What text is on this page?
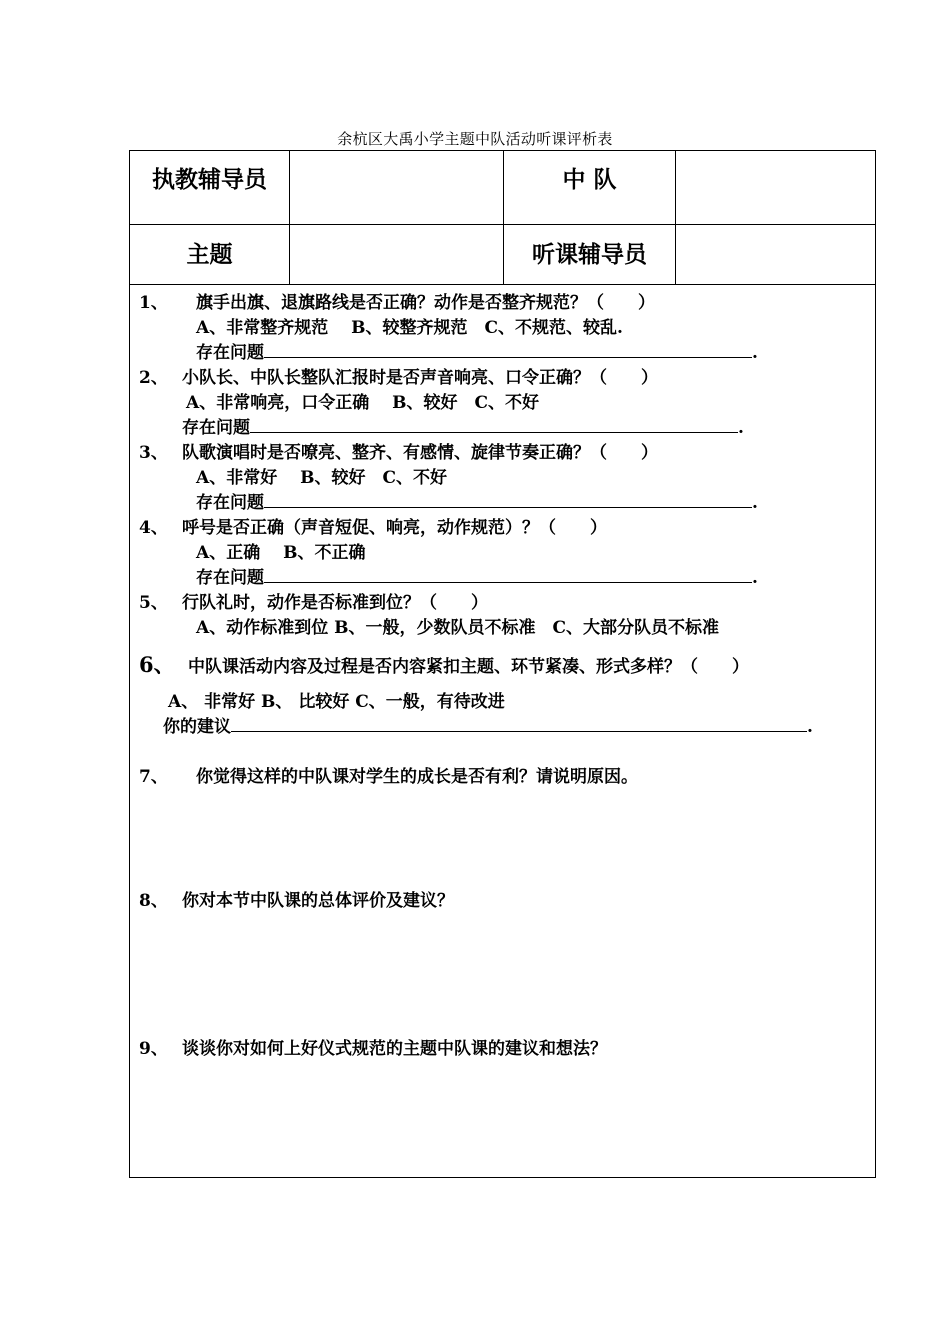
余杭区大禹小学主题中队活动听课评析表
执教辅导员	中 队
主题	听课辅导员
1、 旗手出旗、退旗路线是否正确？动作是否整齐规范？（　　）
A、非常整齐规范　 B、较整齐规范　C、不规范、较乱.
存在问题	.
2、 小队长、中队长整队汇报时是否声音响亮、口令正确？（　　）
A、非常响亮，口令正确　 B、较好　C、不好
存在问题	.
3、 队歌演唱时是否嘹亮、整齐、有感情、旋律节奏正确？（　　）
A、非常好　 B、较好　C、不好
存在问题	.
4、 呼号是否正确（声音短促、响亮，动作规范）？（　　）
A、正确　 B、不正确
存在问题	.
5、 行队礼时，动作是否标准到位？（　　）
A、动作标准到位 B、一般，少数队员不标准　C、大部分队员不标准
6、 中队课活动内容及过程是否内容紧扣主题、环节紧凑、形式多样？（　　）
A、 非常好 B、 比较好 C、一般，有待改进
你的建议	.
7、 你觉得这样的中队课对学生的成长是否有利？请说明原因。
8、 你对本节中队课的总体评价及建议？
9、 谈谈你对如何上好仪式规范的主题中队课的建议和想法？
